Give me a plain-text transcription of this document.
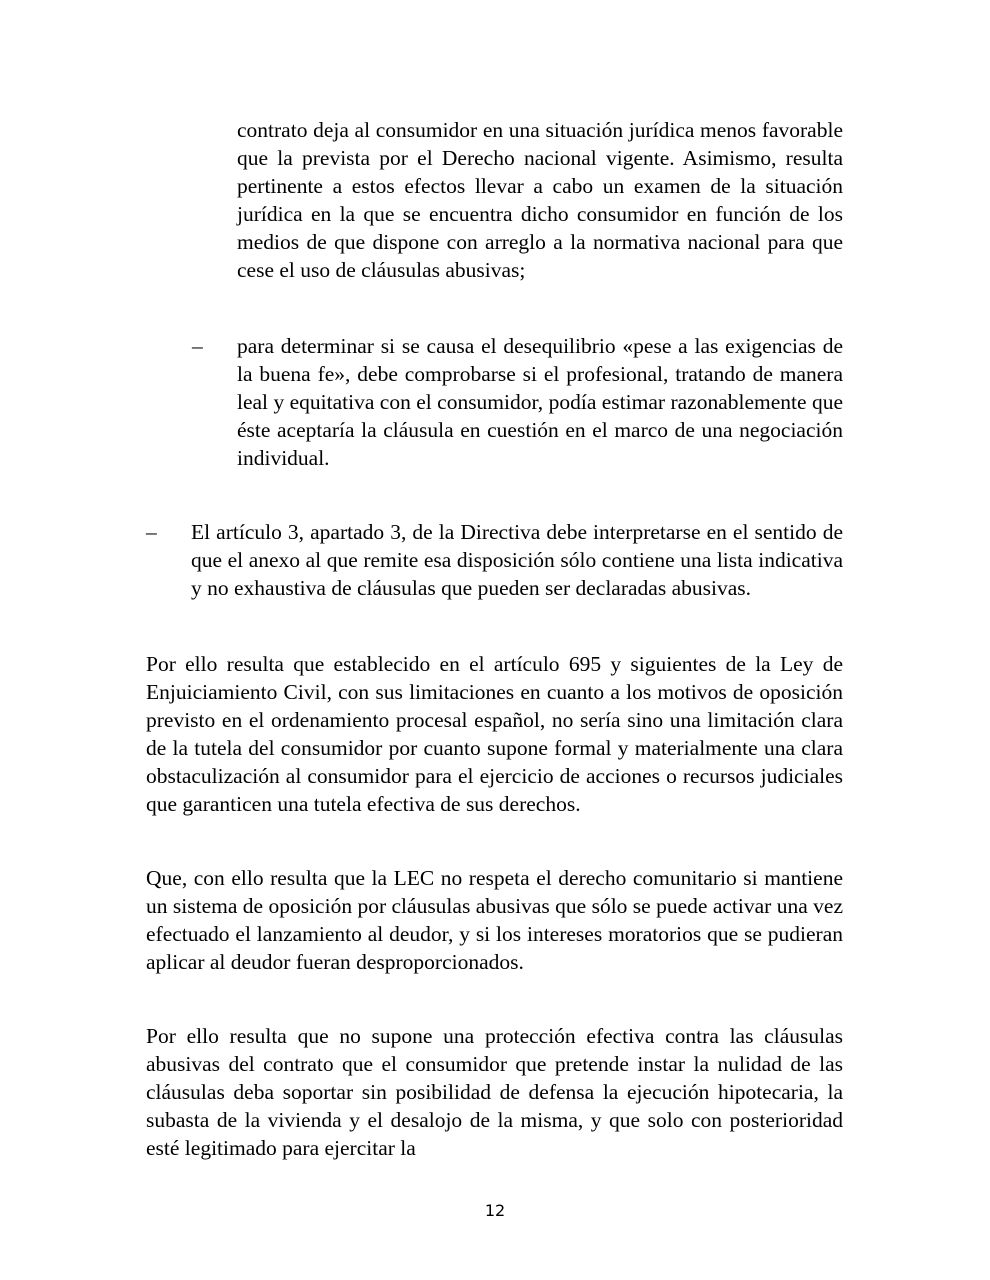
contrato deja al consumidor en una situación jurídica menos favorable que la prevista por el Derecho nacional vigente. Asimismo, resulta pertinente a estos efectos llevar a cabo un examen de la situación jurídica en la que se encuentra dicho consumidor en función de los medios de que dispone con arreglo a la normativa nacional para que cese el uso de cláusulas abusivas;

– para determinar si se causa el desequilibrio «pese a las exigencias de la buena fe», debe comprobarse si el profesional, tratando de manera leal y equitativa con el consumidor, podía estimar razonablemente que éste aceptaría la cláusula en cuestión en el marco de una negociación individual.

– El artículo 3, apartado 3, de la Directiva debe interpretarse en el sentido de que el anexo al que remite esa disposición sólo contiene una lista indicativa y no exhaustiva de cláusulas que pueden ser declaradas abusivas.

Por ello resulta que establecido en el artículo 695 y siguientes de la Ley de Enjuiciamiento Civil, con sus limitaciones en cuanto a los motivos de oposición previsto en el ordenamiento procesal español, no sería sino una limitación clara de la tutela del consumidor por cuanto supone formal y materialmente una clara obstaculización al consumidor para el ejercicio de acciones o recursos judiciales que garanticen una tutela efectiva de sus derechos.

Que, con ello resulta que la LEC no respeta el derecho comunitario si mantiene un sistema de oposición por cláusulas abusivas que sólo se puede activar una vez efectuado el lanzamiento al deudor, y si los intereses moratorios que se pudieran aplicar al deudor fueran desproporcionados.

Por ello resulta que no supone una protección efectiva contra las cláusulas abusivas del contrato que el consumidor que pretende instar la nulidad de las cláusulas deba soportar sin posibilidad de defensa la ejecución hipotecaria, la subasta de la vivienda y el desalojo de la misma, y que solo con posterioridad esté legitimado para ejercitar la

12
